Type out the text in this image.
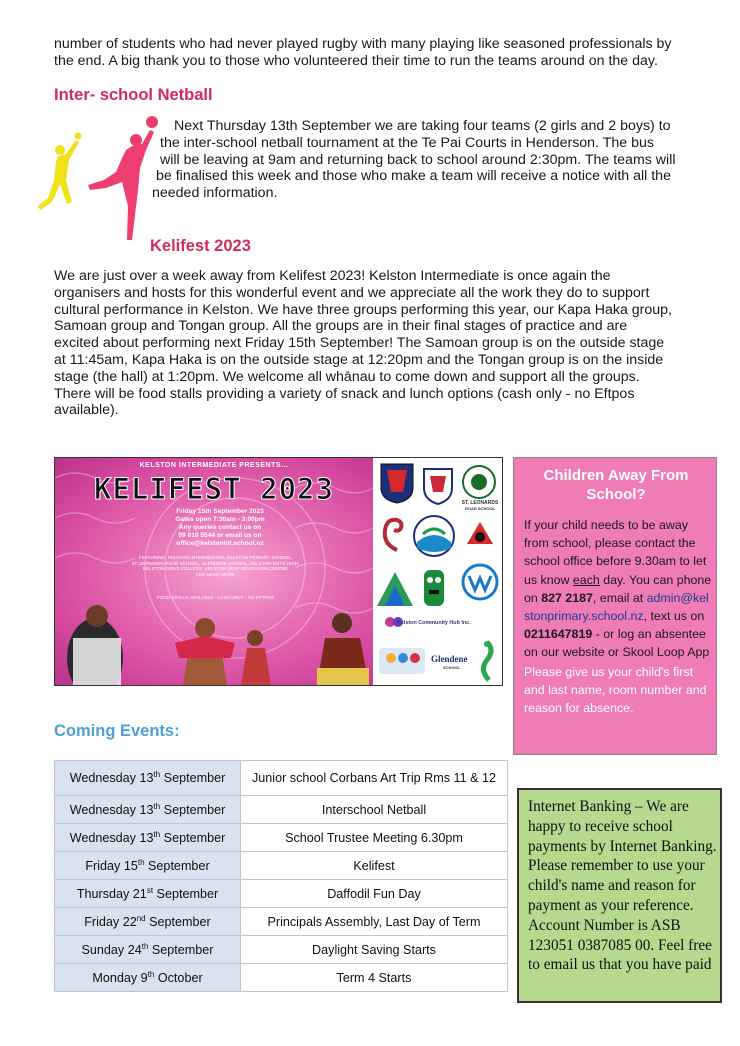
number of students who had never played rugby with many playing like seasoned professionals by
the end. A big thank you to those who volunteered their time to run the teams around on the day.
Inter- school Netball
Next Thursday 13th September we are taking four teams (2 girls and 2 boys) to
the inter-school netball tournament at the Te Pai Courts in Henderson. The bus
will be leaving at 9am and returning back to school around 2:30pm. The teams will
be finalised this week and those who make a team will receive a notice with all the
needed information.
Kelifest 2023
We are just over a week away from Kelifest 2023! Kelston Intermediate is once again the
organisers and hosts for this wonderful event and we appreciate all the work they do to support
cultural performance in Kelston. We have three groups performing this year, our Kapa Haka group,
Samoan group and Tongan group. All the groups are in their final stages of practice and are
excited about performing next Friday 15th September! The Samoan group is on the outside stage
at 11:45am, Kapa Haka is on the outside stage at 12:20pm and the Tongan group is on the inside
stage (the hall) at 1:20pm. We welcome all whānau to come down and support all the groups.
There will be food stalls providing a variety of snack and lunch options (cash only - no Eftpos
available).
KELSTON INTERMEDIATE PRESENTS...
KELIFEST 2023
Friday 15th September 2023
Gates open 7:30am - 3:00pm
Any queries contact us on
09 818 5544 or email us on
office@kelstonint.school.nz
FEATURING: KELSTON INTERMEDIATE, KELSTON PRIMARY SCHOOL,
ST LEONARDS ROAD SCHOOL, GLENDENE SCHOOL, KELSTON BOYS HIGH,
KELSTON GIRLS COLLEGE, KELSTON DEAF EDUCATION CENTRE
AND MANY MORE
FOOD STALLS AVAILABLE - CASH ONLY - NO EFTPOS
ST. LEONARDS
ROAD SCHOOL
Kelston Community Hub Inc.
Glendene
SCHOOL
Children Away From
School?
If your child needs to be away from school, please contact the school office before 9.30am to let us know each day. You can phone on 827 2187, email at admin@kelstonprimary.school.nz, text us on 0211647819 - or log an absentee on our website or Skool Loop App
Please give us your child's first and last name, room number and reason for absence.
Coming Events:
Wednesday 13th September	Junior school Corbans Art Trip Rms 11 & 12
Wednesday 13th September	Interschool Netball
Wednesday 13th September	School Trustee Meeting 6.30pm
Friday 15th September	Kelifest
Thursday 21st September	Daffodil Fun Day
Friday 22nd September	Principals Assembly, Last Day of Term
Sunday 24th September	Daylight Saving Starts
Monday 9th October	Term 4 Starts
Internet Banking – We are happy to receive school payments by Internet Banking. Please remember to use your child's name and reason for payment as your reference. Account Number is ASB 123051 0387085 00. Feel free to email us that you have paid
